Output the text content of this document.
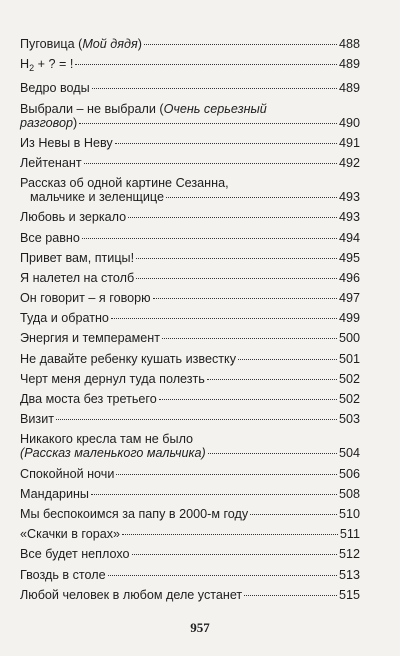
Пуговица (Мой дядя)	488
$H_2$ + ? = !	489
Ведро воды	489
Выбрали – не выбрали (Очень серьезный
разговор)	490
Из Невы в Неву	491
Лейтенант	492
Рассказ об одной картине Сезанна,
мальчике и зеленщице	493
Любовь и зеркало	493
Все равно	494
Привет вам, птицы!	495
Я налетел на столб	496
Он говорит – я говорю	497
Туда и обратно	499
Энергия и темперамент	500
Не давайте ребенку кушать известку	501
Черт меня дернул туда полезть	502
Два моста без третьего	502
Визит	503
Никакого кресла там не было
(Рассказ маленького мальчика)	504
Спокойной ночи	506
Мандарины	508
Мы беспокоимся за папу в 2000-м году	510
«Скачки в горах»	511
Все будет неплохо	512
Гвоздь в столе	513
Любой человек в любом деле устанет	515
957
